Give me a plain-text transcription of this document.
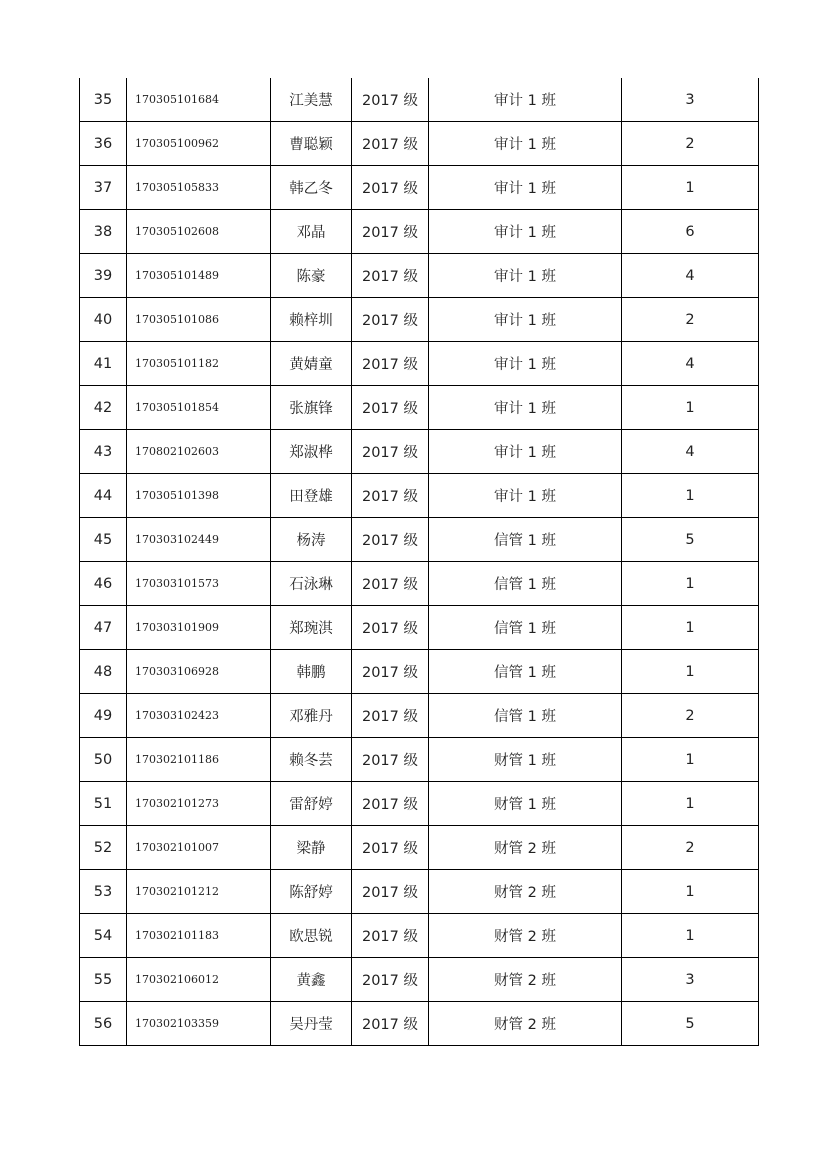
35	170305101684	江美慧	2017 级	审计 1 班	3
36	170305100962	曹聪颖	2017 级	审计 1 班	2
37	170305105833	韩乙冬	2017 级	审计 1 班	1
38	170305102608	邓晶	2017 级	审计 1 班	6
39	170305101489	陈豪	2017 级	审计 1 班	4
40	170305101086	赖梓圳	2017 级	审计 1 班	2
41	170305101182	黄婧童	2017 级	审计 1 班	4
42	170305101854	张旗锋	2017 级	审计 1 班	1
43	170802102603	郑淑桦	2017 级	审计 1 班	4
44	170305101398	田登雄	2017 级	审计 1 班	1
45	170303102449	杨涛	2017 级	信管 1 班	5
46	170303101573	石泳琳	2017 级	信管 1 班	1
47	170303101909	郑琬淇	2017 级	信管 1 班	1
48	170303106928	韩鹏	2017 级	信管 1 班	1
49	170303102423	邓雅丹	2017 级	信管 1 班	2
50	170302101186	赖冬芸	2017 级	财管 1 班	1
51	170302101273	雷舒婷	2017 级	财管 1 班	1
52	170302101007	梁静	2017 级	财管 2 班	2
53	170302101212	陈舒婷	2017 级	财管 2 班	1
54	170302101183	欧思锐	2017 级	财管 2 班	1
55	170302106012	黄鑫	2017 级	财管 2 班	3
56	170302103359	吴丹莹	2017 级	财管 2 班	5
